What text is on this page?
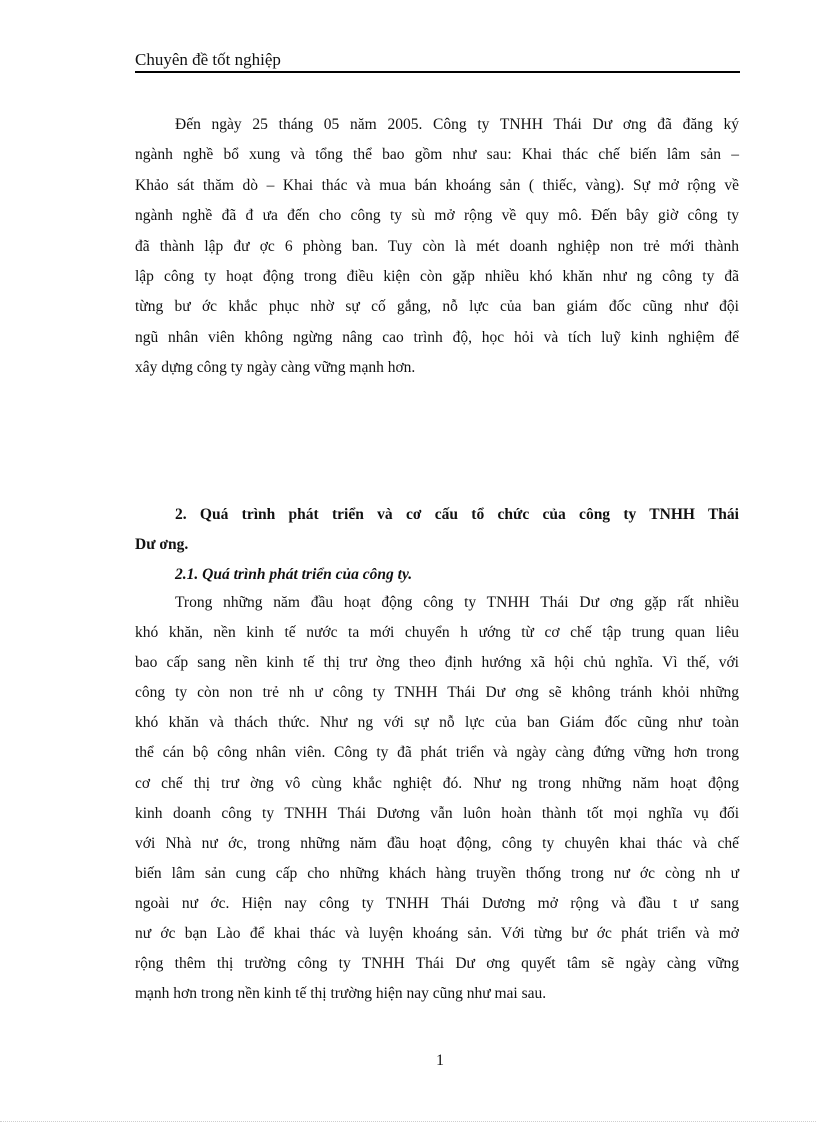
Chuyên đề tốt nghiệp
Đến ngày 25 tháng 05 năm 2005. Công ty TNHH Thái Dư ơng đã đăng ký
ngành nghề bổ xung và tổng thể bao gồm như sau: Khai thác chế biến lâm sản –
Khảo sát thăm dò – Khai thác và mua bán khoáng sản ( thiếc, vàng). Sự mở rộng về
ngành nghề đã đ ưa đến cho công ty sù mở rộng về quy mô. Đến bây giờ công ty
đã thành lập đư ợc 6 phòng ban. Tuy còn là mét doanh nghiệp non trẻ mới thành
lập công ty hoạt động trong điều kiện còn gặp nhiều khó khăn như ng công ty đã
từng bư ớc khắc phục nhờ sự cố gắng, nỗ lực của ban giám đốc cũng như đội
ngũ nhân viên không ngừng nâng cao trình độ, học hỏi và tích luỹ kinh nghiệm để
xây dựng công ty ngày càng vững mạnh hơn.
2. Quá trình phát triển và cơ cấu tổ chức của công ty TNHH Thái
Dư ơng.
2.1. Quá trình phát triển của công ty.
Trong những năm đầu hoạt động công ty TNHH Thái Dư ơng gặp rất nhiều
khó khăn, nền kinh tế nước ta mới chuyển h ướng từ cơ chế tập trung quan liêu
bao cấp sang nền kinh tế thị trư ờng theo định hướng xã hội chủ nghĩa. Vì thế, với
công ty còn non trẻ nh ư công ty TNHH Thái Dư ơng sẽ không tránh khỏi những
khó khăn và thách thức. Như ng với sự nỗ lực của ban Giám đốc cũng như toàn
thể cán bộ công nhân viên. Công ty đã phát triển và ngày càng đứng vững hơn trong
cơ chế thị trư ờng vô cùng khắc nghiệt đó. Như ng trong những năm hoạt động
kinh doanh công ty TNHH Thái Dương vẫn luôn hoàn thành tốt mọi nghĩa vụ đối
với Nhà nư ớc, trong những năm đầu hoạt động, công ty chuyên khai thác và chế
biến lâm sản cung cấp cho những khách hàng truyền thống trong nư ớc còng nh ư
ngoài nư ớc. Hiện nay công ty TNHH Thái Dương mở rộng và đầu t ư sang
nư ớc bạn Lào để khai thác và luyện khoáng sản. Với từng bư ớc phát triển và mở
rộng thêm thị trường công ty TNHH Thái Dư ơng quyết tâm sẽ ngày càng vững
mạnh hơn trong nền kinh tế thị trường hiện nay cũng như mai sau.
1
